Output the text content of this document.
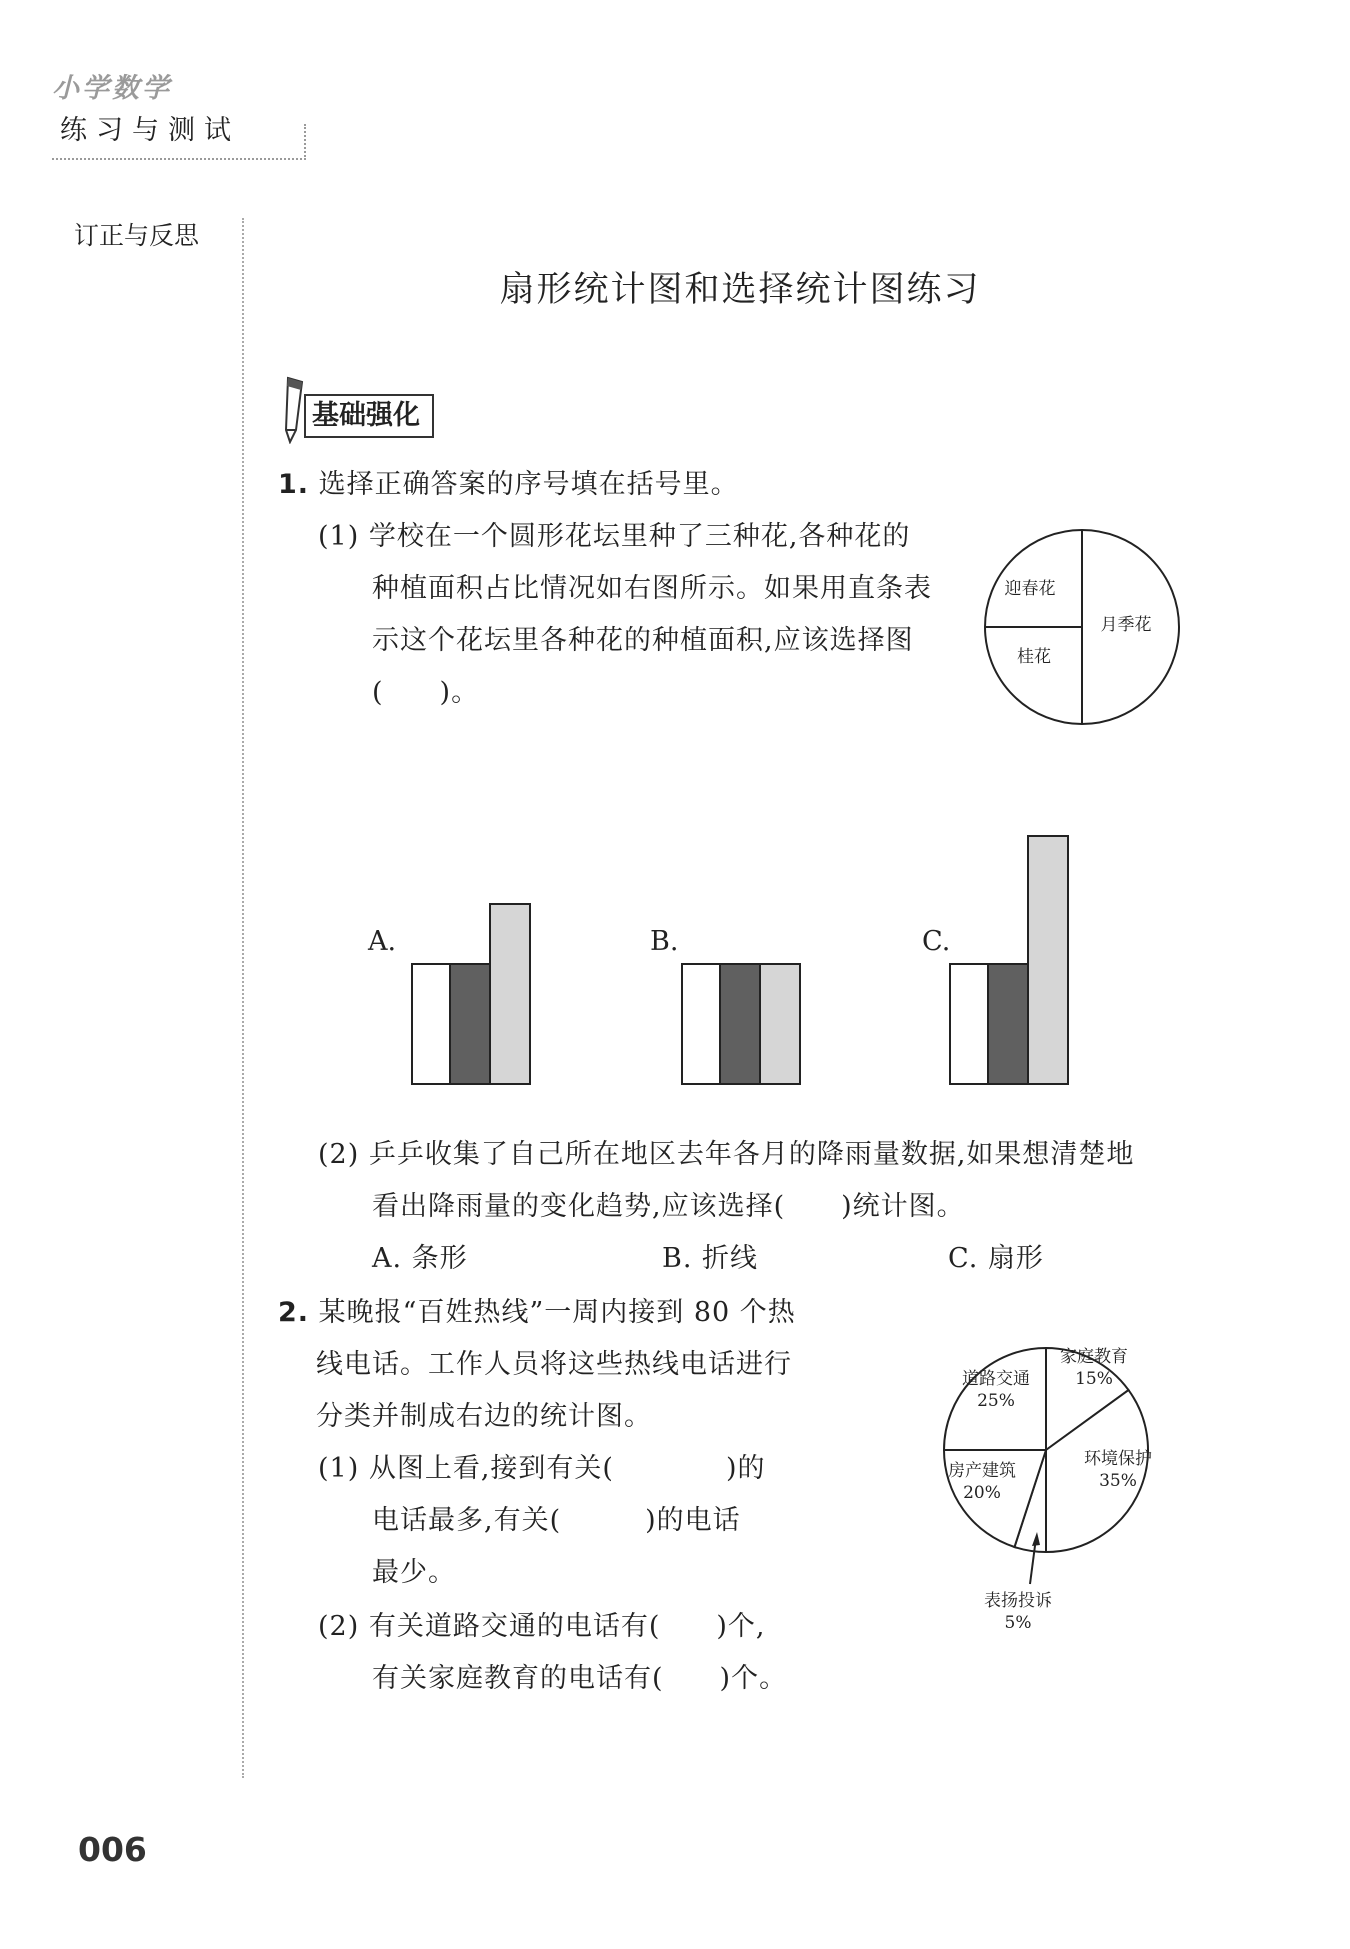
小学数学
练习与测试
订正与反思
扇形统计图和选择统计图练习
基础强化
1. 选择正确答案的序号填在括号里。
(1) 学校在一个圆形花坛里种了三种花,各种花的
种植面积占比情况如右图所示。如果用直条表
示这个花坛里各种花的种植面积,应该选择图
(　　)。
迎春花
月季花
桂花
A.	B.	C.
(2) 乒乒收集了自己所在地区去年各月的降雨量数据,如果想清楚地
看出降雨量的变化趋势,应该选择(　　)统计图。
A. 条形	B. 折线	C. 扇形
2. 某晚报“百姓热线”一周内接到 80 个热
线电话。工作人员将这些热线电话进行
分类并制成右边的统计图。
(1) 从图上看,接到有关(　　　　)的
电话最多,有关(　　　)的电话
最少。
(2) 有关道路交通的电话有(　　)个,
有关家庭教育的电话有(　　)个。
道路交通
25%
家庭教育
15%
环境保护
35%
房产建筑
20%
表扬投诉
5%
006
